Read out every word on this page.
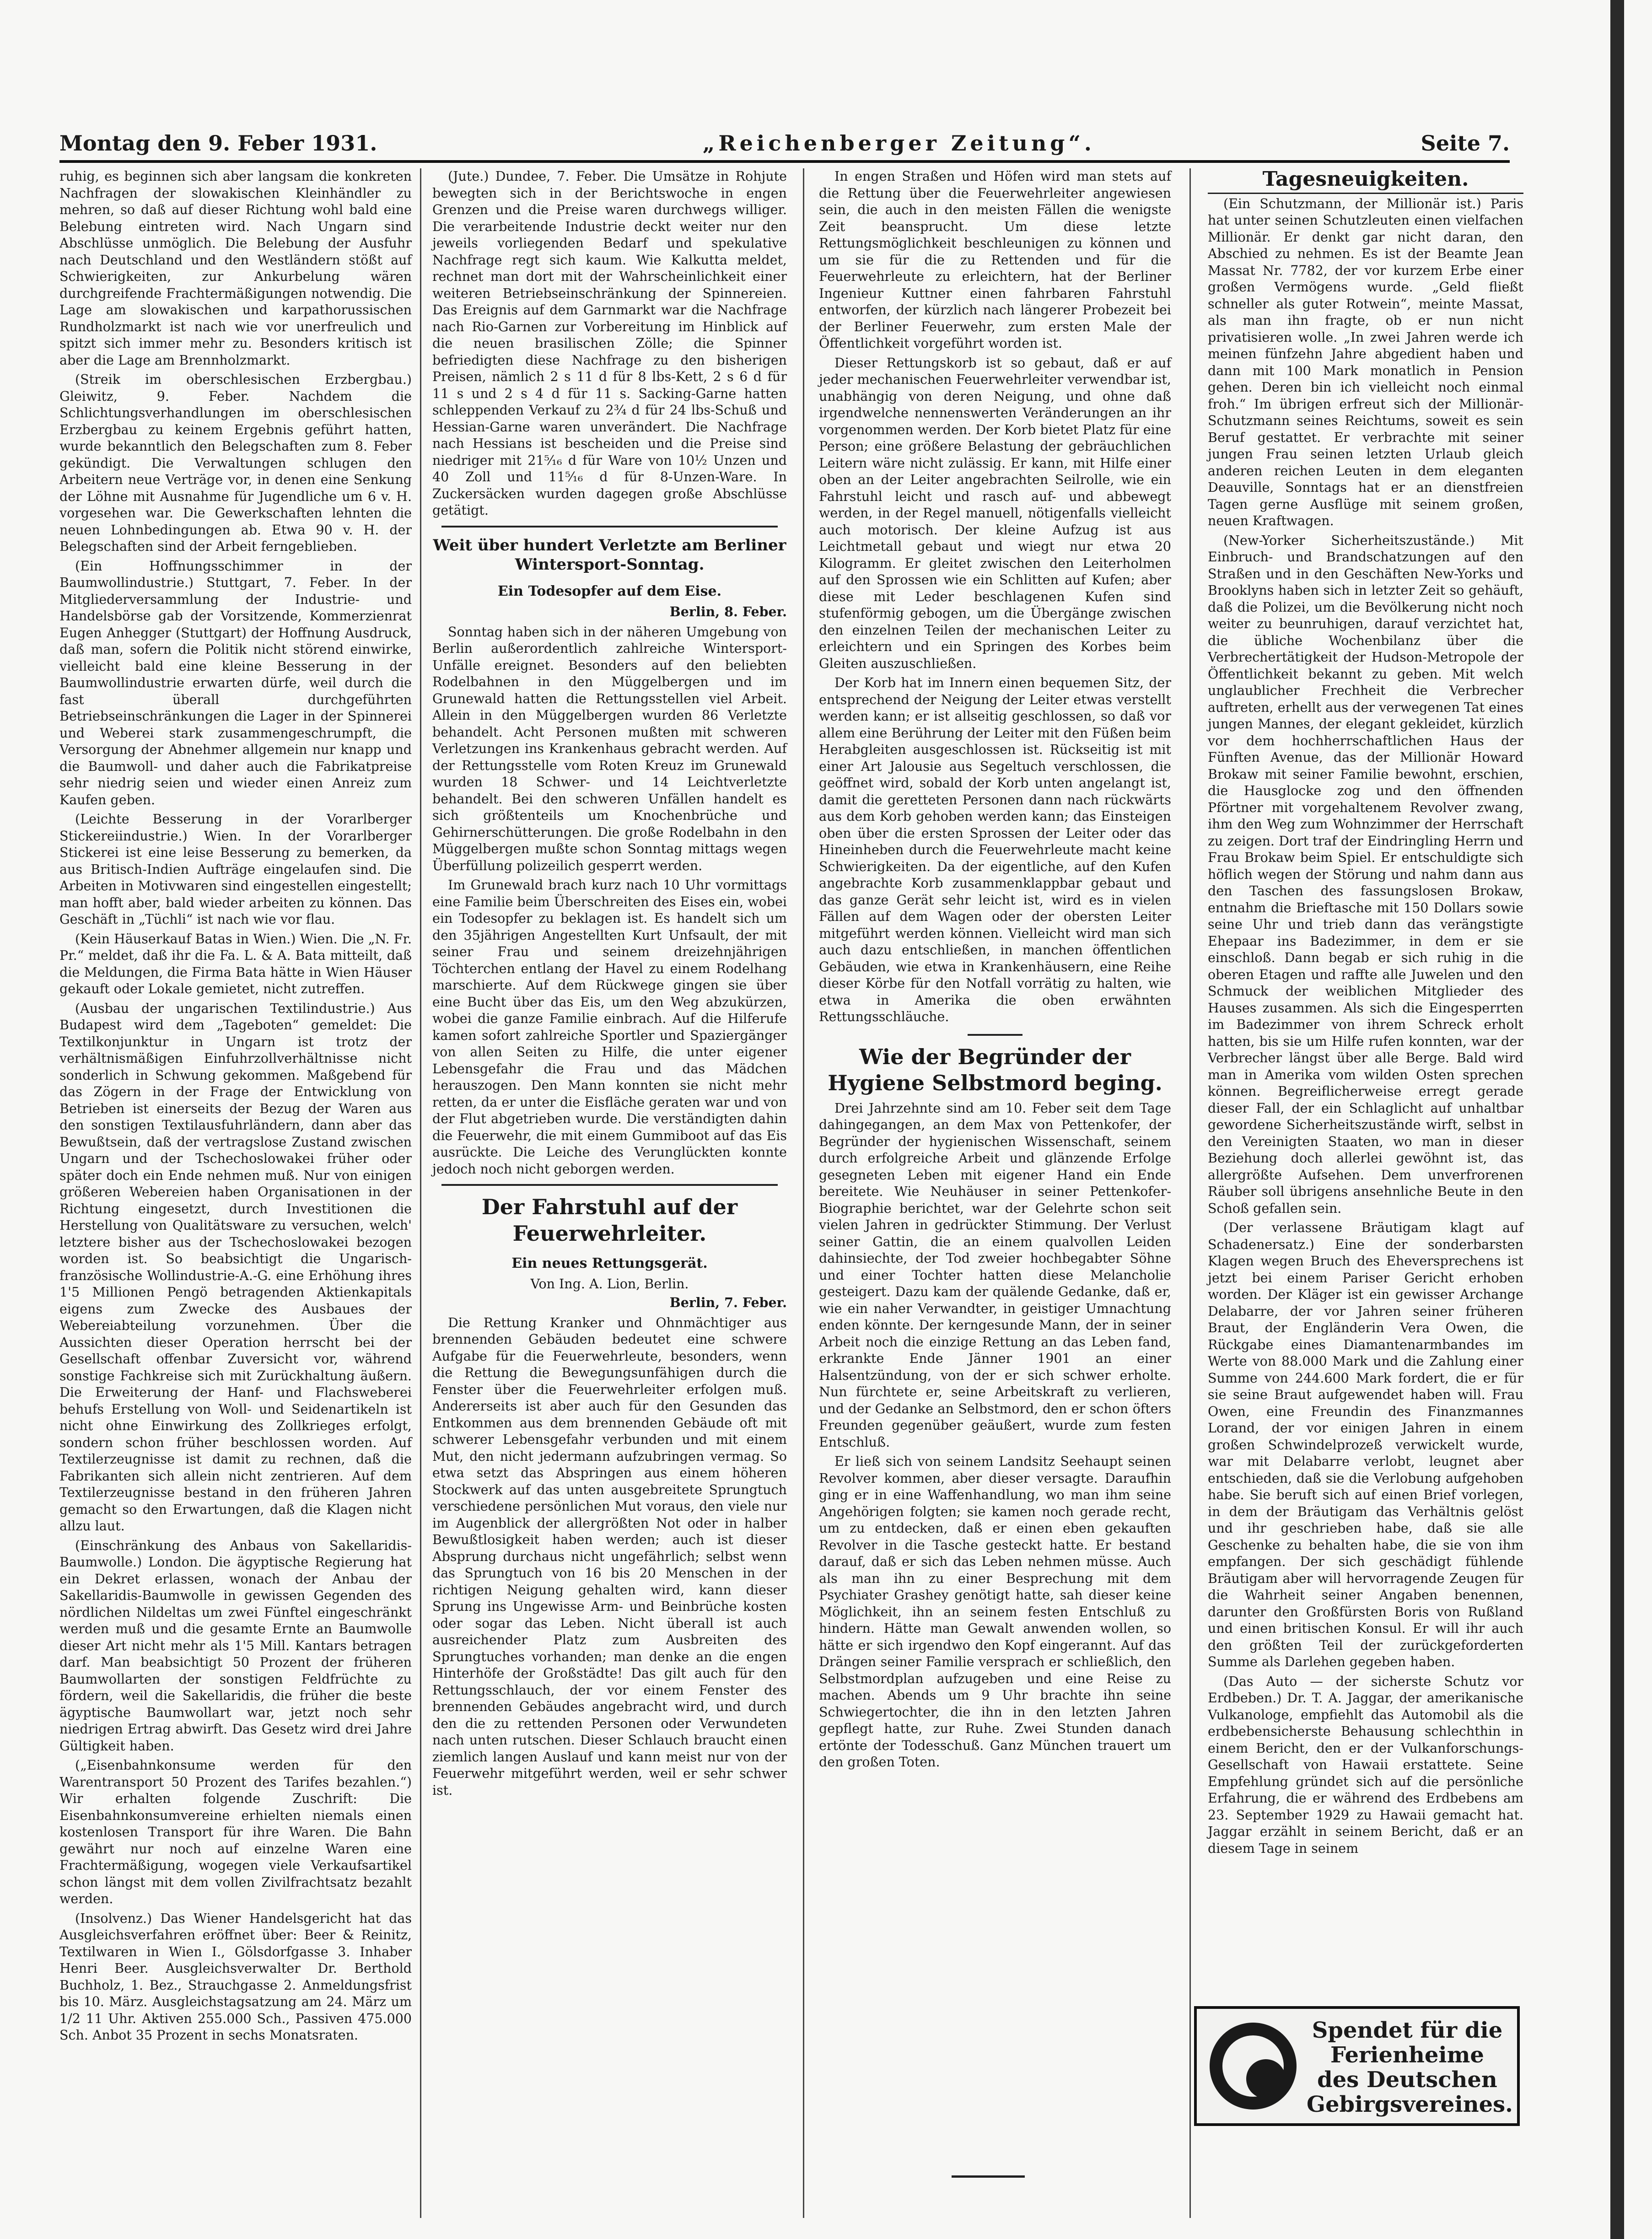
Montag den 9. Feber 1931.	„Reichenberger Zeitung“.	Seite 7.

ruhig, es beginnen sich aber langsam die konkreten Nachfragen der slowakischen Kleinhändler zu mehren, so daß auf dieser Richtung wohl bald eine Belebung eintreten wird. Nach Ungarn sind Abschlüsse unmöglich. Die Belebung der Ausfuhr nach Deutschland und den Westländern stößt auf Schwierigkeiten, zur Ankurbelung wären durchgreifende Frachtermäßigungen notwendig. Die Lage am slowakischen und karpathorussischen Rundholzmarkt ist nach wie vor unerfreulich und spitzt sich immer mehr zu. Besonders kritisch ist aber die Lage am Brennholzmarkt.

(Streik im oberschlesischen Erzbergbau.) Gleiwitz, 9. Feber. Nachdem die Schlichtungsverhandlungen im oberschlesischen Erzbergbau zu keinem Ergebnis geführt hatten, wurde bekanntlich den Belegschaften zum 8. Feber gekündigt. Die Verwaltungen schlugen den Arbeitern neue Verträge vor, in denen eine Senkung der Löhne mit Ausnahme für Jugendliche um 6 v. H. vorgesehen war. Die Gewerkschaften lehnten die neuen Lohnbedingungen ab. Etwa 90 v. H. der Belegschaften sind der Arbeit ferngeblieben.

(Ein Hoffnungsschimmer in der Baumwollindustrie.) Stuttgart, 7. Feber. In der Mitgliederversammlung der Industrie- und Handelsbörse gab der Vorsitzende, Kommerzienrat Eugen Anhegger (Stuttgart) der Hoffnung Ausdruck, daß man, sofern die Politik nicht störend einwirke, vielleicht bald eine kleine Besserung in der Baumwollindustrie erwarten dürfe, weil durch die fast überall durchgeführten Betriebseinschränkungen die Lager in der Spinnerei und Weberei stark zusammengeschrumpft, die Versorgung der Abnehmer allgemein nur knapp und die Baumwoll- und daher auch die Fabrikatpreise sehr niedrig seien und wieder einen Anreiz zum Kaufen geben.

(Leichte Besserung in der Vorarlberger Stickereiindustrie.) Wien. In der Vorarlberger Stickerei ist eine leise Besserung zu bemerken, da aus Britisch-Indien Aufträge eingelaufen sind. Die Arbeiten in Motivwaren sind eingestellen eingestellt; man hofft aber, bald wieder arbeiten zu können. Das Geschäft in „Tüchli“ ist nach wie vor flau.

(Kein Häuserkauf Batas in Wien.) Wien. Die „N. Fr. Pr.“ meldet, daß ihr die Fa. L. & A. Bata mitteilt, daß die Meldungen, die Firma Bata hätte in Wien Häuser gekauft oder Lokale gemietet, nicht zutreffen.

(Ausbau der ungarischen Textilindustrie.) Aus Budapest wird dem „Tageboten“ gemeldet: Die Textilkonjunktur in Ungarn ist trotz der verhältnismäßigen Einfuhrzollverhältnisse nicht sonderlich in Schwung gekommen. Maßgebend für das Zögern in der Frage der Entwicklung von Betrieben ist einerseits der Bezug der Waren aus den sonstigen Textilausfuhrländern, dann aber das Bewußtsein, daß der vertragslose Zustand zwischen Ungarn und der Tschechoslowakei früher oder später doch ein Ende nehmen muß. Nur von einigen größeren Webereien haben Organisationen in der Richtung eingesetzt, durch Investitionen die Herstellung von Qualitätsware zu versuchen, welch' letztere bisher aus der Tschechoslowakei bezogen worden ist. So beabsichtigt die Ungarisch-französische Wollindustrie-A.-G. eine Erhöhung ihres 1'5 Millionen Pengö betragenden Aktienkapitals eigens zum Zwecke des Ausbaues der Webereiabteilung vorzunehmen. Über die Aussichten dieser Operation herrscht bei der Gesellschaft offenbar Zuversicht vor, während sonstige Fachkreise sich mit Zurückhaltung äußern. Die Erweiterung der Hanf- und Flachsweberei behufs Erstellung von Woll- und Seidenartikeln ist nicht ohne Einwirkung des Zollkrieges erfolgt, sondern schon früher beschlossen worden. Auf Textilerzeugnisse ist damit zu rechnen, daß die Fabrikanten sich allein nicht zentrieren. Auf dem Textilerzeugnisse bestand in den früheren Jahren gemacht so den Erwartungen, daß die Klagen nicht allzu laut.

(Einschränkung des Anbaus von Sakellaridis-Baumwolle.) London. Die ägyptische Regierung hat ein Dekret erlassen, wonach der Anbau der Sakellaridis-Baumwolle in gewissen Gegenden des nördlichen Nildeltas um zwei Fünftel eingeschränkt werden muß und die gesamte Ernte an Baumwolle dieser Art nicht mehr als 1'5 Mill. Kantars betragen darf. Man beabsichtigt 50 Prozent der früheren Baumwollarten der sonstigen Feldfrüchte zu fördern, weil die Sakellaridis, die früher die beste ägyptische Baumwollart war, jetzt noch sehr niedrigen Ertrag abwirft. Das Gesetz wird drei Jahre Gültigkeit haben.

(„Eisenbahnkonsume werden für den Warentransport 50 Prozent des Tarifes bezahlen.“) Wir erhalten folgende Zuschrift: Die Eisenbahnkonsumvereine erhielten niemals einen kostenlosen Transport für ihre Waren. Die Bahn gewährt nur noch auf einzelne Waren eine Frachtermäßigung, wogegen viele Verkaufsartikel schon längst mit dem vollen Zivilfrachtsatz bezahlt werden.

(Insolvenz.) Das Wiener Handelsgericht hat das Ausgleichsverfahren eröffnet über: Beer & Reinitz, Textilwaren in Wien I., Gölsdorfgasse 3. Inhaber Henri Beer. Ausgleichsverwalter Dr. Berthold Buchholz, 1. Bez., Strauchgasse 2. Anmeldungsfrist bis 10. März. Ausgleichstagsatzung am 24. März um 1/2 11 Uhr. Aktiven 255.000 Sch., Passiven 475.000 Sch. Anbot 35 Prozent in sechs Monatsraten.

(Jute.) Dundee, 7. Feber. Die Umsätze in Rohjute bewegten sich in der Berichtswoche in engen Grenzen und die Preise waren durchwegs williger. Die verarbeitende Industrie deckt weiter nur den jeweils vorliegenden Bedarf und spekulative Nachfrage regt sich kaum. Wie Kalkutta meldet, rechnet man dort mit der Wahrscheinlichkeit einer weiteren Betriebseinschränkung der Spinnereien. Das Ereignis auf dem Garnmarkt war die Nachfrage nach Rio-Garnen zur Vorbereitung im Hinblick auf die neuen brasilischen Zölle; die Spinner befriedigten diese Nachfrage zu den bisherigen Preisen, nämlich 2 s 11 d für 8 lbs-Kett, 2 s 6 d für 11 s und 2 s 4 d für 11 s. Sacking-Garne hatten schleppenden Verkauf zu 2¾ d für 24 lbs-Schuß und Hessian-Garne waren unverändert. Die Nachfrage nach Hessians ist bescheiden und die Preise sind niedriger mit 21⁵⁄₁₆ d für Ware von 10½ Unzen und 40 Zoll und 11⁵⁄₁₆ d für 8-Unzen-Ware. In Zuckersäcken wurden dagegen große Abschlüsse getätigt.

Weit über hundert Verletzte am Berliner Wintersport-Sonntag.
Ein Todesopfer auf dem Eise.
Berlin, 8. Feber.

Sonntag haben sich in der näheren Umgebung von Berlin außerordentlich zahlreiche Wintersport-Unfälle ereignet. Besonders auf den beliebten Rodelbahnen in den Müggelbergen und im Grunewald hatten die Rettungsstellen viel Arbeit. Allein in den Müggelbergen wurden 86 Verletzte behandelt. Acht Personen mußten mit schweren Verletzungen ins Krankenhaus gebracht werden. Auf der Rettungsstelle vom Roten Kreuz im Grunewald wurden 18 Schwer- und 14 Leichtverletzte behandelt. Bei den schweren Unfällen handelt es sich größtenteils um Knochenbrüche und Gehirnerschütterungen. Die große Rodelbahn in den Müggelbergen mußte schon Sonntag mittags wegen Überfüllung polizeilich gesperrt werden.

Im Grunewald brach kurz nach 10 Uhr vormittags eine Familie beim Überschreiten des Eises ein, wobei ein Todesopfer zu beklagen ist. Es handelt sich um den 35jährigen Angestellten Kurt Unfsault, der mit seiner Frau und seinem dreizehnjährigen Töchterchen entlang der Havel zu einem Rodelhang marschierte. Auf dem Rückwege gingen sie über eine Bucht über das Eis, um den Weg abzukürzen, wobei die ganze Familie einbrach. Auf die Hilferufe kamen sofort zahlreiche Sportler und Spaziergänger von allen Seiten zu Hilfe, die unter eigener Lebensgefahr die Frau und das Mädchen herauszogen. Den Mann konnten sie nicht mehr retten, da er unter die Eisfläche geraten war und von der Flut abgetrieben wurde. Die verständigten dahin die Feuerwehr, die mit einem Gummiboot auf das Eis ausrückte. Die Leiche des Verunglückten konnte jedoch noch nicht geborgen werden.

Der Fahrstuhl auf der Feuerwehrleiter.
Ein neues Rettungsgerät.
Von Ing. A. Lion, Berlin.
Berlin, 7. Feber.

Die Rettung Kranker und Ohnmächtiger aus brennenden Gebäuden bedeutet eine schwere Aufgabe für die Feuerwehrleute, besonders, wenn die Rettung die Bewegungsunfähigen durch die Fenster über die Feuerwehrleiter erfolgen muß. Andererseits ist aber auch für den Gesunden das Entkommen aus dem brennenden Gebäude oft mit schwerer Lebensgefahr verbunden und mit einem Mut, den nicht jedermann aufzubringen vermag. So etwa setzt das Abspringen aus einem höheren Stockwerk auf das unten ausgebreitete Sprungtuch verschiedene persönlichen Mut voraus, den viele nur im Augenblick der allergrößten Not oder in halber Bewußtlosigkeit haben werden; auch ist dieser Absprung durchaus nicht ungefährlich; selbst wenn das Sprungtuch von 16 bis 20 Menschen in der richtigen Neigung gehalten wird, kann dieser Sprung ins Ungewisse Arm- und Beinbrüche kosten oder sogar das Leben. Nicht überall ist auch ausreichender Platz zum Ausbreiten des Sprungtuches vorhanden; man denke an die engen Hinterhöfe der Großstädte! Das gilt auch für den Rettungsschlauch, der vor einem Fenster des brennenden Gebäudes angebracht wird, und durch den die zu rettenden Personen oder Verwundeten nach unten rutschen. Dieser Schlauch braucht einen ziemlich langen Auslauf und kann meist nur von der Feuerwehr mitgeführt werden, weil er sehr schwer ist.

In engen Straßen und Höfen wird man stets auf die Rettung über die Feuerwehrleiter angewiesen sein, die auch in den meisten Fällen die wenigste Zeit beansprucht. Um diese letzte Rettungsmöglichkeit beschleunigen zu können und um sie für die zu Rettenden und für die Feuerwehrleute zu erleichtern, hat der Berliner Ingenieur Kuttner einen fahrbaren Fahrstuhl entworfen, der kürzlich nach längerer Probezeit bei der Berliner Feuerwehr, zum ersten Male der Öffentlichkeit vorgeführt worden ist.

Dieser Rettungskorb ist so gebaut, daß er auf jeder mechanischen Feuerwehrleiter verwendbar ist, unabhängig von deren Neigung, und ohne daß irgendwelche nennenswerten Veränderungen an ihr vorgenommen werden. Der Korb bietet Platz für eine Person; eine größere Belastung der gebräuchlichen Leitern wäre nicht zulässig. Er kann, mit Hilfe einer oben an der Leiter angebrachten Seilrolle, wie ein Fahrstuhl leicht und rasch auf- und abbewegt werden, in der Regel manuell, nötigenfalls vielleicht auch motorisch. Der kleine Aufzug ist aus Leichtmetall gebaut und wiegt nur etwa 20 Kilogramm. Er gleitet zwischen den Leiterholmen auf den Sprossen wie ein Schlitten auf Kufen; aber diese mit Leder beschlagenen Kufen sind stufenförmig gebogen, um die Übergänge zwischen den einzelnen Teilen der mechanischen Leiter zu erleichtern und ein Springen des Korbes beim Gleiten auszuschließen.

Der Korb hat im Innern einen bequemen Sitz, der entsprechend der Neigung der Leiter etwas verstellt werden kann; er ist allseitig geschlossen, so daß vor allem eine Berührung der Leiter mit den Füßen beim Herabgleiten ausgeschlossen ist. Rückseitig ist mit einer Art Jalousie aus Segeltuch verschlossen, die geöffnet wird, sobald der Korb unten angelangt ist, damit die geretteten Personen dann nach rückwärts aus dem Korb gehoben werden kann; das Einsteigen oben über die ersten Sprossen der Leiter oder das Hineinheben durch die Feuerwehrleute macht keine Schwierigkeiten. Da der eigentliche, auf den Kufen angebrachte Korb zusammenklappbar gebaut und das ganze Gerät sehr leicht ist, wird es in vielen Fällen auf dem Wagen oder der obersten Leiter mitgeführt werden können. Vielleicht wird man sich auch dazu entschließen, in manchen öffentlichen Gebäuden, wie etwa in Krankenhäusern, eine Reihe dieser Körbe für den Notfall vorrätig zu halten, wie etwa in Amerika die oben erwähnten Rettungsschläuche.

Wie der Begründer der Hygiene Selbstmord beging.

Drei Jahrzehnte sind am 10. Feber seit dem Tage dahingegangen, an dem Max von Pettenkofer, der Begründer der hygienischen Wissenschaft, seinem durch erfolgreiche Arbeit und glänzende Erfolge gesegneten Leben mit eigener Hand ein Ende bereitete. Wie Neuhäuser in seiner Pettenkofer-Biographie berichtet, war der Gelehrte schon seit vielen Jahren in gedrückter Stimmung. Der Verlust seiner Gattin, die an einem qualvollen Leiden dahinsiechte, der Tod zweier hochbegabter Söhne und einer Tochter hatten diese Melancholie gesteigert. Dazu kam der quälende Gedanke, daß er, wie ein naher Verwandter, in geistiger Umnachtung enden könnte. Der kerngesunde Mann, der in seiner Arbeit noch die einzige Rettung an das Leben fand, erkrankte Ende Jänner 1901 an einer Halsentzündung, von der er sich schwer erholte. Nun fürchtete er, seine Arbeitskraft zu verlieren, und der Gedanke an Selbstmord, den er schon öfters Freunden gegenüber geäußert, wurde zum festen Entschluß.

Er ließ sich von seinem Landsitz Seehaupt seinen Revolver kommen, aber dieser versagte. Daraufhin ging er in eine Waffenhandlung, wo man ihm seine Angehörigen folgten; sie kamen noch gerade recht, um zu entdecken, daß er einen eben gekauften Revolver in die Tasche gesteckt hatte. Er bestand darauf, daß er sich das Leben nehmen müsse. Auch als man ihn zu einer Besprechung mit dem Psychiater Grashey genötigt hatte, sah dieser keine Möglichkeit, ihn an seinem festen Entschluß zu hindern. Hätte man Gewalt anwenden wollen, so hätte er sich irgendwo den Kopf eingerannt. Auf das Drängen seiner Familie versprach er schließlich, den Selbstmordplan aufzugeben und eine Reise zu machen. Abends um 9 Uhr brachte ihn seine Schwiegertochter, die ihn in den letzten Jahren gepflegt hatte, zur Ruhe. Zwei Stunden danach ertönte der Todesschuß. Ganz München trauert um den großen Toten.

Tagesneuigkeiten.

(Ein Schutzmann, der Millionär ist.) Paris hat unter seinen Schutzleuten einen vielfachen Millionär. Er denkt gar nicht daran, den Abschied zu nehmen. Es ist der Beamte Jean Massat Nr. 7782, der vor kurzem Erbe einer großen Vermögens wurde. „Geld fließt schneller als guter Rotwein“, meinte Massat, als man ihn fragte, ob er nun nicht privatisieren wolle. „In zwei Jahren werde ich meinen fünfzehn Jahre abgedient haben und dann mit 100 Mark monatlich in Pension gehen. Deren bin ich vielleicht noch einmal froh.“ Im übrigen erfreut sich der Millionär-Schutzmann seines Reichtums, soweit es sein Beruf gestattet. Er verbrachte mit seiner jungen Frau seinen letzten Urlaub gleich anderen reichen Leuten in dem eleganten Deauville, Sonntags hat er an dienstfreien Tagen gerne Ausflüge mit seinem großen, neuen Kraftwagen.

(New-Yorker Sicherheitszustände.) Mit Einbruch- und Brandschatzungen auf den Straßen und in den Geschäften New-Yorks und Brooklyns haben sich in letzter Zeit so gehäuft, daß die Polizei, um die Bevölkerung nicht noch weiter zu beunruhigen, darauf verzichtet hat, die übliche Wochenbilanz über die Verbrechertätigkeit der Hudson-Metropole der Öffentlichkeit bekannt zu geben. Mit welch unglaublicher Frechheit die Verbrecher auftreten, erhellt aus der verwegenen Tat eines jungen Mannes, der elegant gekleidet, kürzlich vor dem hochherrschaftlichen Haus der Fünften Avenue, das der Millionär Howard Brokaw mit seiner Familie bewohnt, erschien, die Hausglocke zog und den öffnenden Pförtner mit vorgehaltenem Revolver zwang, ihm den Weg zum Wohnzimmer der Herrschaft zu zeigen. Dort traf der Eindringling Herrn und Frau Brokaw beim Spiel. Er entschuldigte sich höflich wegen der Störung und nahm dann aus den Taschen des fassungslosen Brokaw, entnahm die Brieftasche mit 150 Dollars sowie seine Uhr und trieb dann das verängstigte Ehepaar ins Badezimmer, in dem er sie einschloß. Dann begab er sich ruhig in die oberen Etagen und raffte alle Juwelen und den Schmuck der weiblichen Mitglieder des Hauses zusammen. Als sich die Eingesperrten im Badezimmer von ihrem Schreck erholt hatten, bis sie um Hilfe rufen konnten, war der Verbrecher längst über alle Berge. Bald wird man in Amerika vom wilden Osten sprechen können. Begreiflicherweise erregt gerade dieser Fall, der ein Schlaglicht auf unhaltbar gewordene Sicherheitszustände wirft, selbst in den Vereinigten Staaten, wo man in dieser Beziehung doch allerlei gewöhnt ist, das allergrößte Aufsehen. Dem unverfrorenen Räuber soll übrigens ansehnliche Beute in den Schoß gefallen sein.

(Der verlassene Bräutigam klagt auf Schadenersatz.) Eine der sonderbarsten Klagen wegen Bruch des Eheversprechens ist jetzt bei einem Pariser Gericht erhoben worden. Der Kläger ist ein gewisser Archange Delabarre, der vor Jahren seiner früheren Braut, der Engländerin Vera Owen, die Rückgabe eines Diamantenarmbandes im Werte von 88.000 Mark und die Zahlung einer Summe von 244.600 Mark fordert, die er für sie seine Braut aufgewendet haben will. Frau Owen, eine Freundin des Finanzmannes Lorand, der vor einigen Jahren in einem großen Schwindelprozeß verwickelt wurde, war mit Delabarre verlobt, leugnet aber entschieden, daß sie die Verlobung aufgehoben habe. Sie beruft sich auf einen Brief vorlegen, in dem der Bräutigam das Verhältnis gelöst und ihr geschrieben habe, daß sie alle Geschenke zu behalten habe, die sie von ihm empfangen. Der sich geschädigt fühlende Bräutigam aber will hervorragende Zeugen für die Wahrheit seiner Angaben benennen, darunter den Großfürsten Boris von Rußland und einen britischen Konsul. Er will ihr auch den größten Teil der zurückgeforderten Summe als Darlehen gegeben haben.

(Das Auto — der sicherste Schutz vor Erdbeben.) Dr. T. A. Jaggar, der amerikanische Vulkanologe, empfiehlt das Automobil als die erdbebensicherste Behausung schlechthin in einem Bericht, den er der Vulkanforschungs-Gesellschaft von Hawaii erstattete. Seine Empfehlung gründet sich auf die persönliche Erfahrung, die er während des Erdbebens am 23. September 1929 zu Hawaii gemacht hat. Jaggar erzählt in seinem Bericht, daß er an diesem Tage in seinem

Spendet für die
Ferienheime
des Deutschen
Gebirgsvereines.
